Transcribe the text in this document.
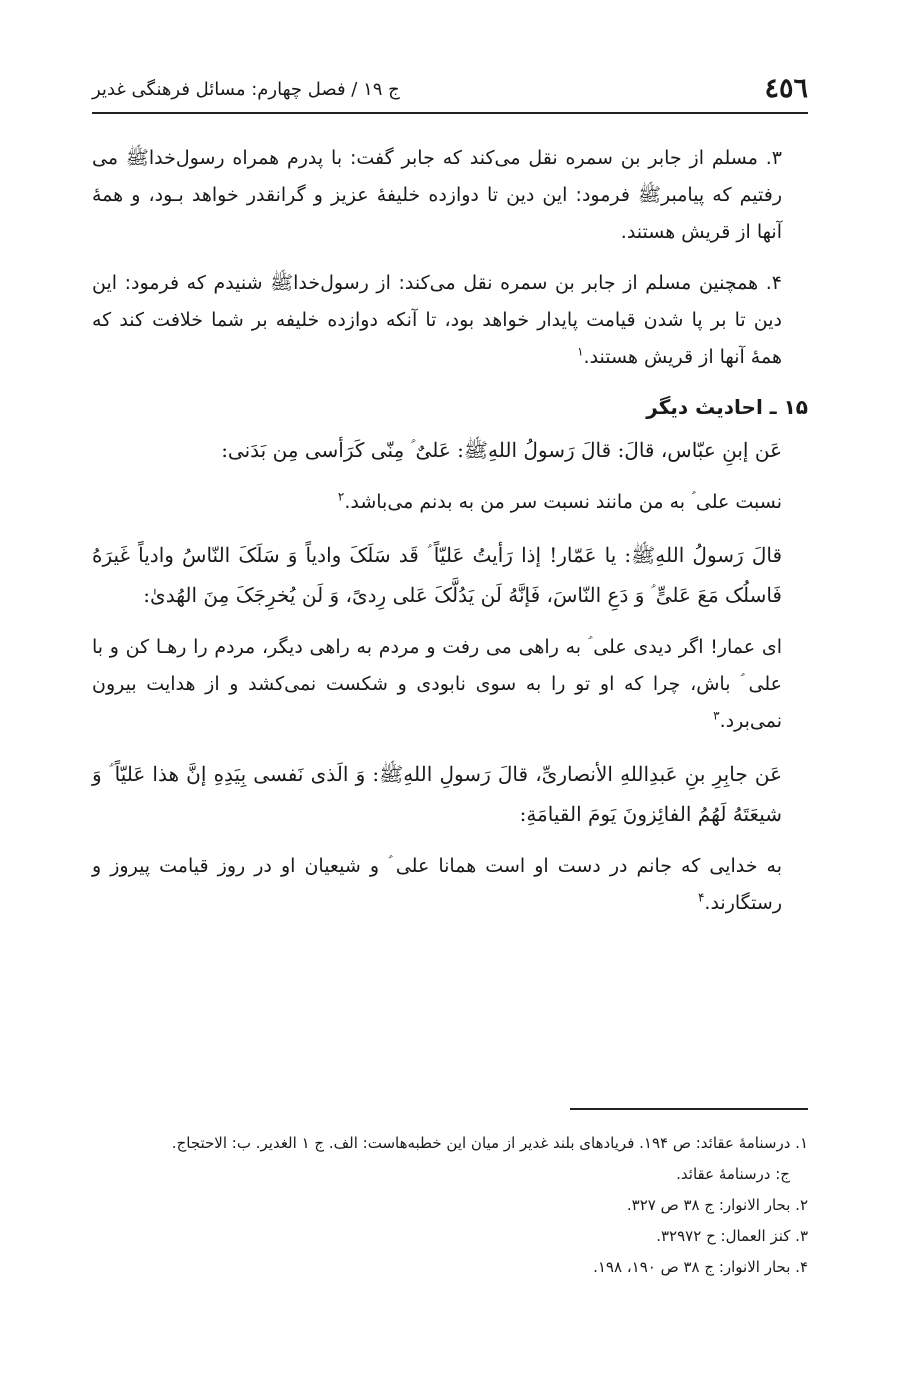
٤٥٦
ج ۱۹ / فصل چهارم: مسائل فرهنگی غدیر

۳. مسلم از جابر بن سمره نقل می‌کند که جابر گفت: با پدرم همراه رسول‌خداﷺ می رفتیم که پیامبرﷺ فرمود: این دین تا دوازده خلیفهٔ عزیز و گرانقدر خواهد بـود، و همهٔ آنها از قریش هستند.

۴. همچنین مسلم از جابر بن سمره نقل می‌کند: از رسول‌خداﷺ شنیدم که فرمود: این دین تا بر پا شدن قیامت پایدار خواهد بود، تا آنکه دوازده خلیفه بر شما خلافت کند که همهٔ آنها از قریش هستند.$^۱$

۱۵ ـ احادیث دیگر

عَن إبنِ عبّاس، قالَ: قالَ رَسولُ اللهِﷺ: عَلیٌ ؑ مِنّی کَرَأسی مِن بَدَنی:

نسبت علی ؑ به من مانند نسبت سر من به بدنم می‌باشد.$^۲$

قالَ رَسولُ اللهِﷺ: یا عَمّار! إذا رَأیتُ عَلیّاً ؑ قَد سَلَکَ وادیاً وَ سَلَکَ النّاسُ وادیاً غَیرَهُ فَاسلُک مَعَ عَلیٍّ ؑ وَ دَعِ النّاسَ، فَإنَّهُ لَن یَدُلَّکَ عَلی رِدیً، وَ لَن یُخرِجَکَ مِنَ الهُدیٰ:

ای عمار! اگر دیدی علی ؑ به راهی می رفت و مردم به راهی دیگر، مردم را رهـا کن و با علی ؑ باش، چرا که او تو را به سوی نابودی و شکست نمی‌کشد و از هدایت بیرون نمی‌برد.$^۳$

عَن جابِرِ بنِ عَبدِاللهِ الأنصاریِّ، قالَ رَسولِ اللهِﷺ: وَ الَذی نَفسی بِیَدِهِ إنَّ هذا عَلیّاً ؑ وَ شیعَتَهُ لَهُمُ الفائِزونَ یَومَ القیامَةِ:

به خدایی که جانم در دست او است همانا علی ؑ و شیعیان او در روز قیامت پیروز و رستگارند.$^۴$

۱. درسنامهٔ عقائد: ص ۱۹۴. فریادهای بلند غدیر از میان این خطبه‌هاست: الف. ج ۱ الغدیر. ب: الاحتجاج.

ج: درسنامهٔ عقائد.

۲. بحار الانوار: ج ۳۸ ص ۳۲۷.

۳. کنز العمال: ح ۳۲۹۷۲.

۴. بحار الانوار: ج ۳۸ ص ۱۹۰، ۱۹۸.
